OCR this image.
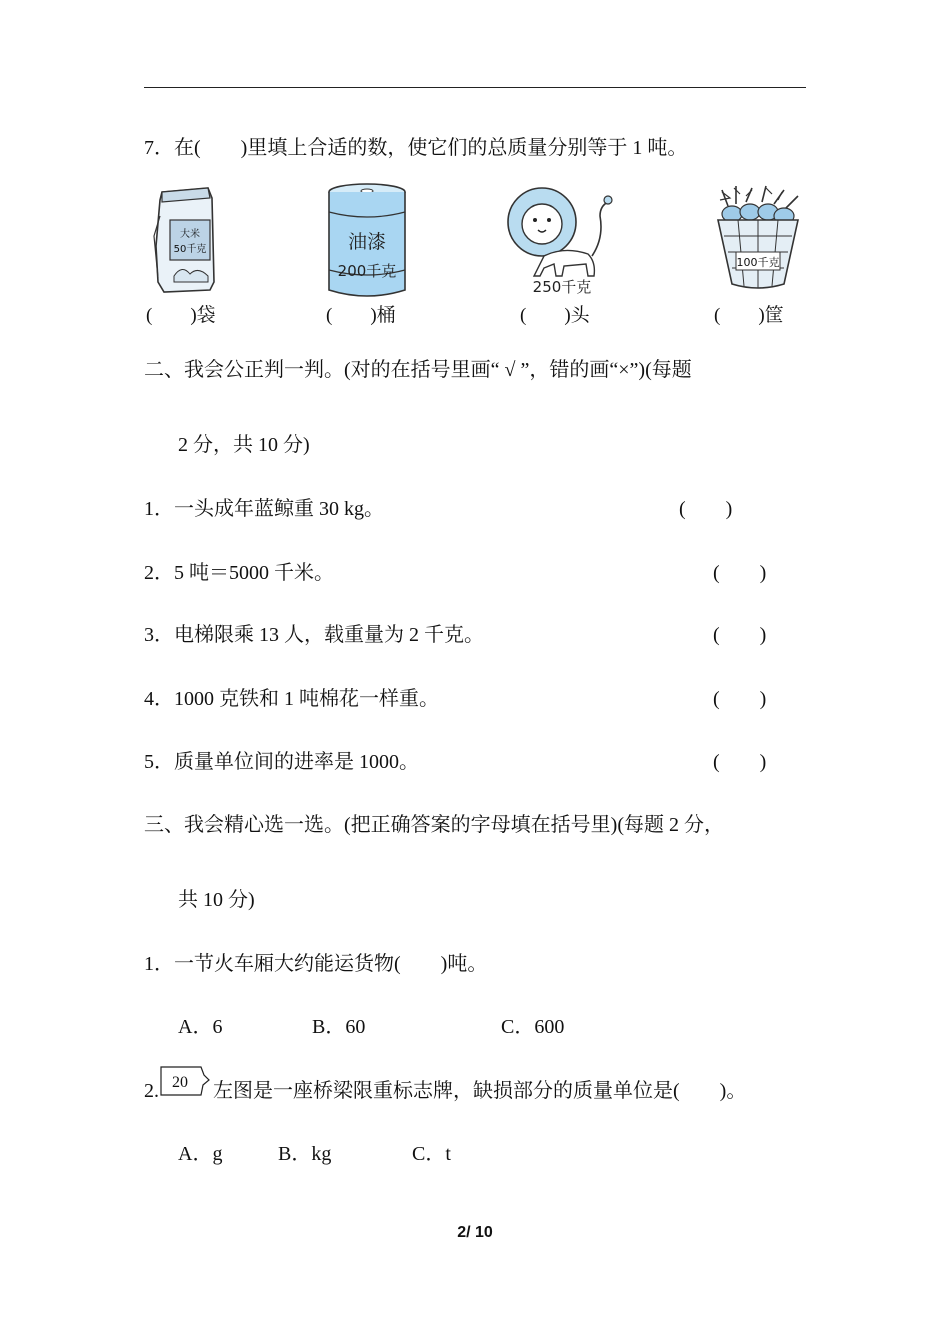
7．在(　　)里填上合适的数，使它们的总质量分别等于 1 吨。
大米
50千克
(　　)袋
油漆
200千克
(　　)桶
250千克
(　　)头
100千克
(　　)筐
二、我会公正判一判。(对的在括号里画“ √ ”，错的画“×”)(每题
2 分，共 10 分)
1．一头成年蓝鲸重 30 kg。	(　　)
2．5 吨＝5000 千米。	(　　)
3．电梯限乘 13 人，载重量为 2 千克。	(　　)
4．1000 克铁和 1 吨棉花一样重。	(　　)
5．质量单位间的进率是 1000。	(　　)
三、我会精心选一选。(把正确答案的字母填在括号里)(每题 2 分，
共 10 分)
1．一节火车厢大约能运货物(　　)吨。
A．6	B．60	C．600
2. 20 左图是一座桥梁限重标志牌，缺损部分的质量单位是(　　)。
A．g	B．kg	C．t
2/ 10
